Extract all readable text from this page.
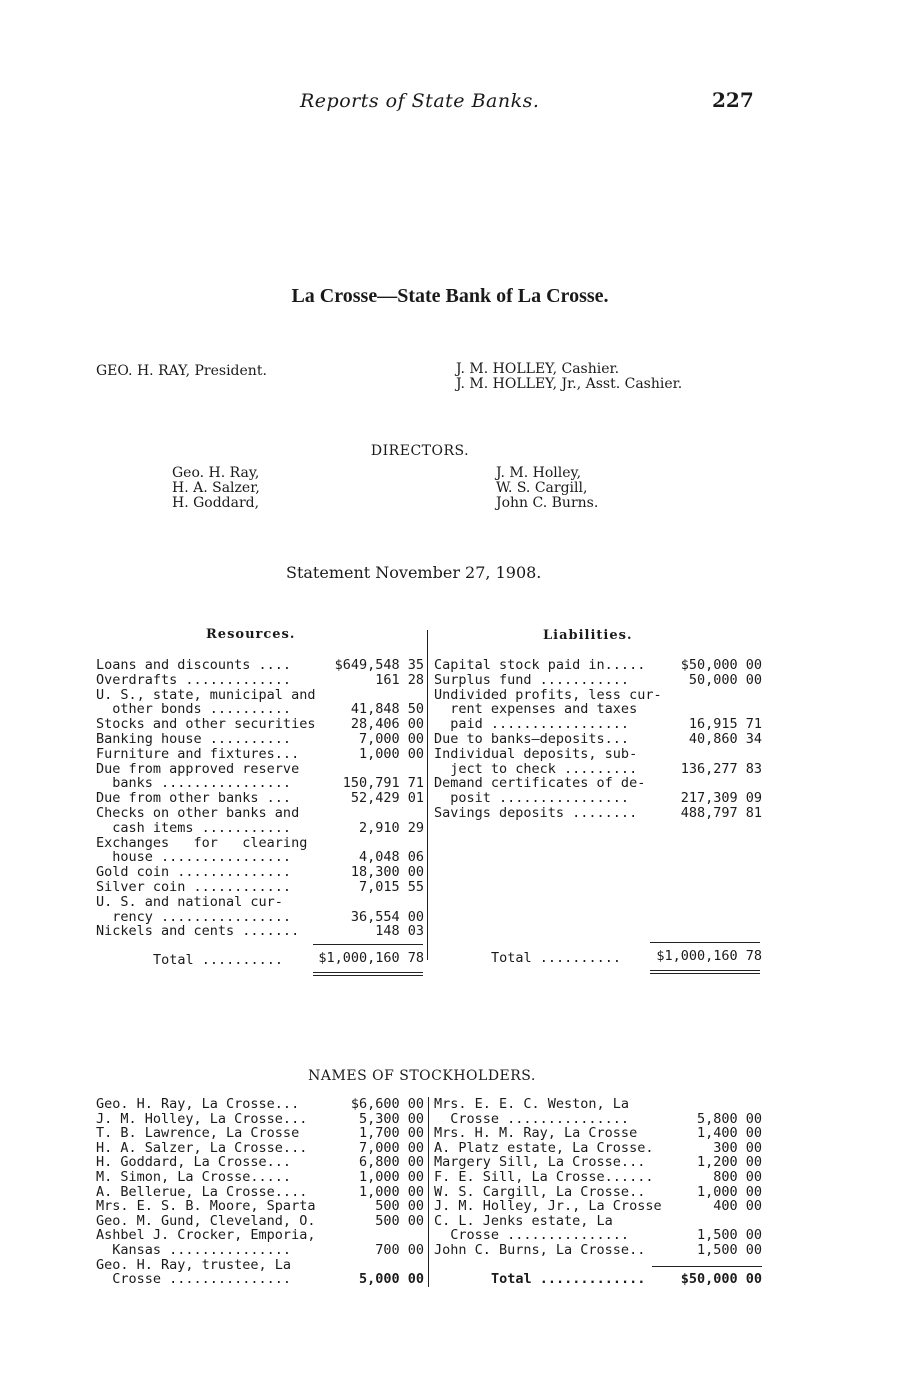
Reports of State Banks.	227
La Crosse—State Bank of La Crosse.
GEO. H. RAY, President.	J. M. HOLLEY, Cashier.
J. M. HOLLEY, Jr., Asst. Cashier.
DIRECTORS.
Geo. H. Ray,
H. A. Salzer,
H. Goddard,
J. M. Holley,
W. S. Cargill,
John C. Burns.
Statement November 27, 1908.
Resources.	Liabilities.
Loans and discounts ....	$649,548 35
Overdrafts .............	161 28
U. S., state, municipal and
other bonds ..........	41,848 50
Stocks and other securities	28,406 00
Banking house ..........	7,000 00
Furniture and fixtures...	1,000 00
Due from approved reserve
banks ................	150,791 71
Due from other banks ...	52,429 01
Checks on other banks and
cash items ...........	2,910 29
Exchanges   for   clearing
house ................	4,048 06
Gold coin ..............	18,300 00
Silver coin ............	7,015 55
U. S. and national cur-
rency ................	36,554 00
Nickels and cents .......	148 03
Capital stock paid in.....	$50,000 00
Surplus fund ...........	50,000 00
Undivided profits, less cur-
rent expenses and taxes
paid .................	16,915 71
Due to banks—deposits...	40,860 34
Individual deposits, sub-
ject to check .........	136,277 83
Demand certificates of de-
posit ................	217,309 09
Savings deposits ........	488,797 81
Total ..........	$1,000,160 78	Total ..........	$1,000,160 78
NAMES OF STOCKHOLDERS.
Geo. H. Ray, La Crosse...	$6,600 00
J. M. Holley, La Crosse...	5,300 00
T. B. Lawrence, La Crosse	1,700 00
H. A. Salzer, La Crosse...	7,000 00
H. Goddard, La Crosse...	6,800 00
M. Simon, La Crosse.....	1,000 00
A. Bellerue, La Crosse....	1,000 00
Mrs. E. S. B. Moore, Sparta	500 00
Geo. M. Gund, Cleveland, O.	500 00
Ashbel J. Crocker, Emporia,
Kansas ...............	700 00
Geo. H. Ray, trustee, La
Crosse ...............	5,000 00
Mrs. E. E. C. Weston, La
Crosse ...............	5,800 00
Mrs. H. M. Ray, La Crosse	1,400 00
A. Platz estate, La Crosse.	300 00
Margery Sill, La Crosse...	1,200 00
F. E. Sill, La Crosse......	800 00
W. S. Cargill, La Crosse..	1,000 00
J. M. Holley, Jr., La Crosse	400 00
C. L. Jenks estate, La
Crosse ...............	1,500 00
John C. Burns, La Crosse..	1,500 00
Total .............	$50,000 00
